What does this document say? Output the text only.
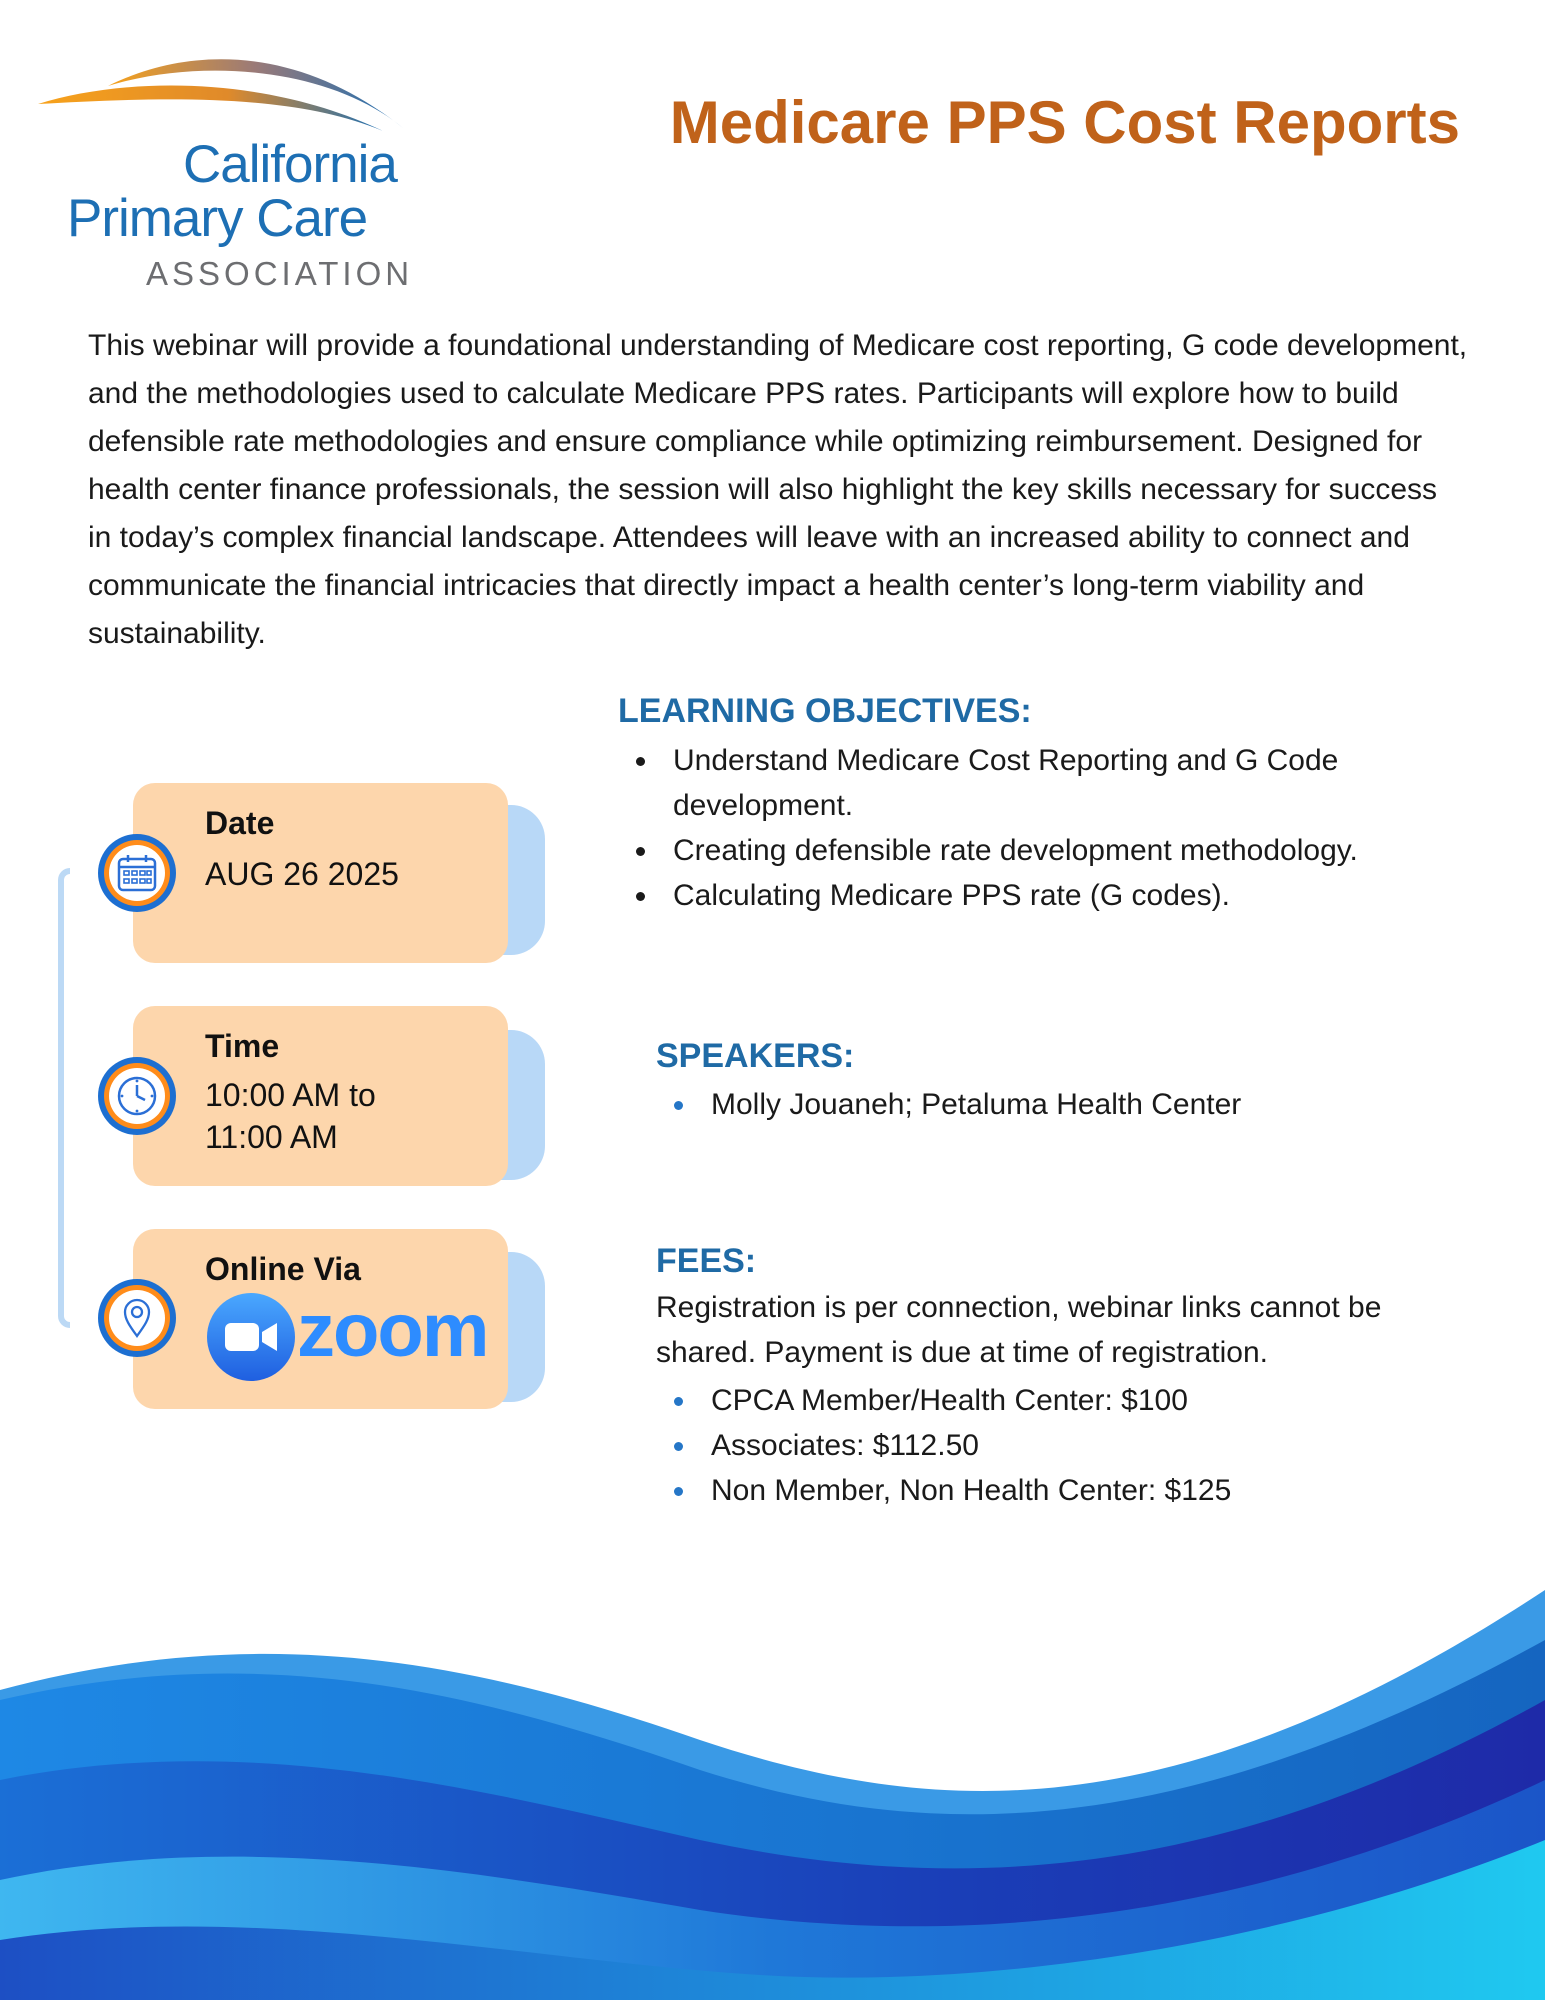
California
Primary Care
ASSOCIATION
Medicare PPS Cost Reports
This webinar will provide a foundational understanding of Medicare cost reporting, G code development, and the methodologies used to calculate Medicare PPS rates. Participants will explore how to build defensible rate methodologies and ensure compliance while optimizing reimbursement. Designed for health center finance professionals, the session will also highlight the key skills necessary for success in today’s complex financial landscape. Attendees will leave with an increased ability to connect and communicate the financial intricacies that directly impact a health center’s long-term viability and sustainability.
Date
AUG 26 2025
Time
10:00 AM to
11:00 AM
Online Via
zoom
LEARNING OBJECTIVES:
Understand Medicare Cost Reporting and G Code development.
Creating defensible rate development methodology.
Calculating Medicare PPS rate (G codes).
SPEAKERS:
Molly Jouaneh; Petaluma Health Center
FEES:
Registration is per connection, webinar links cannot be shared. Payment is due at time of registration.
CPCA Member/Health Center: $100
Associates: $112.50
Non Member, Non Health Center: $125
